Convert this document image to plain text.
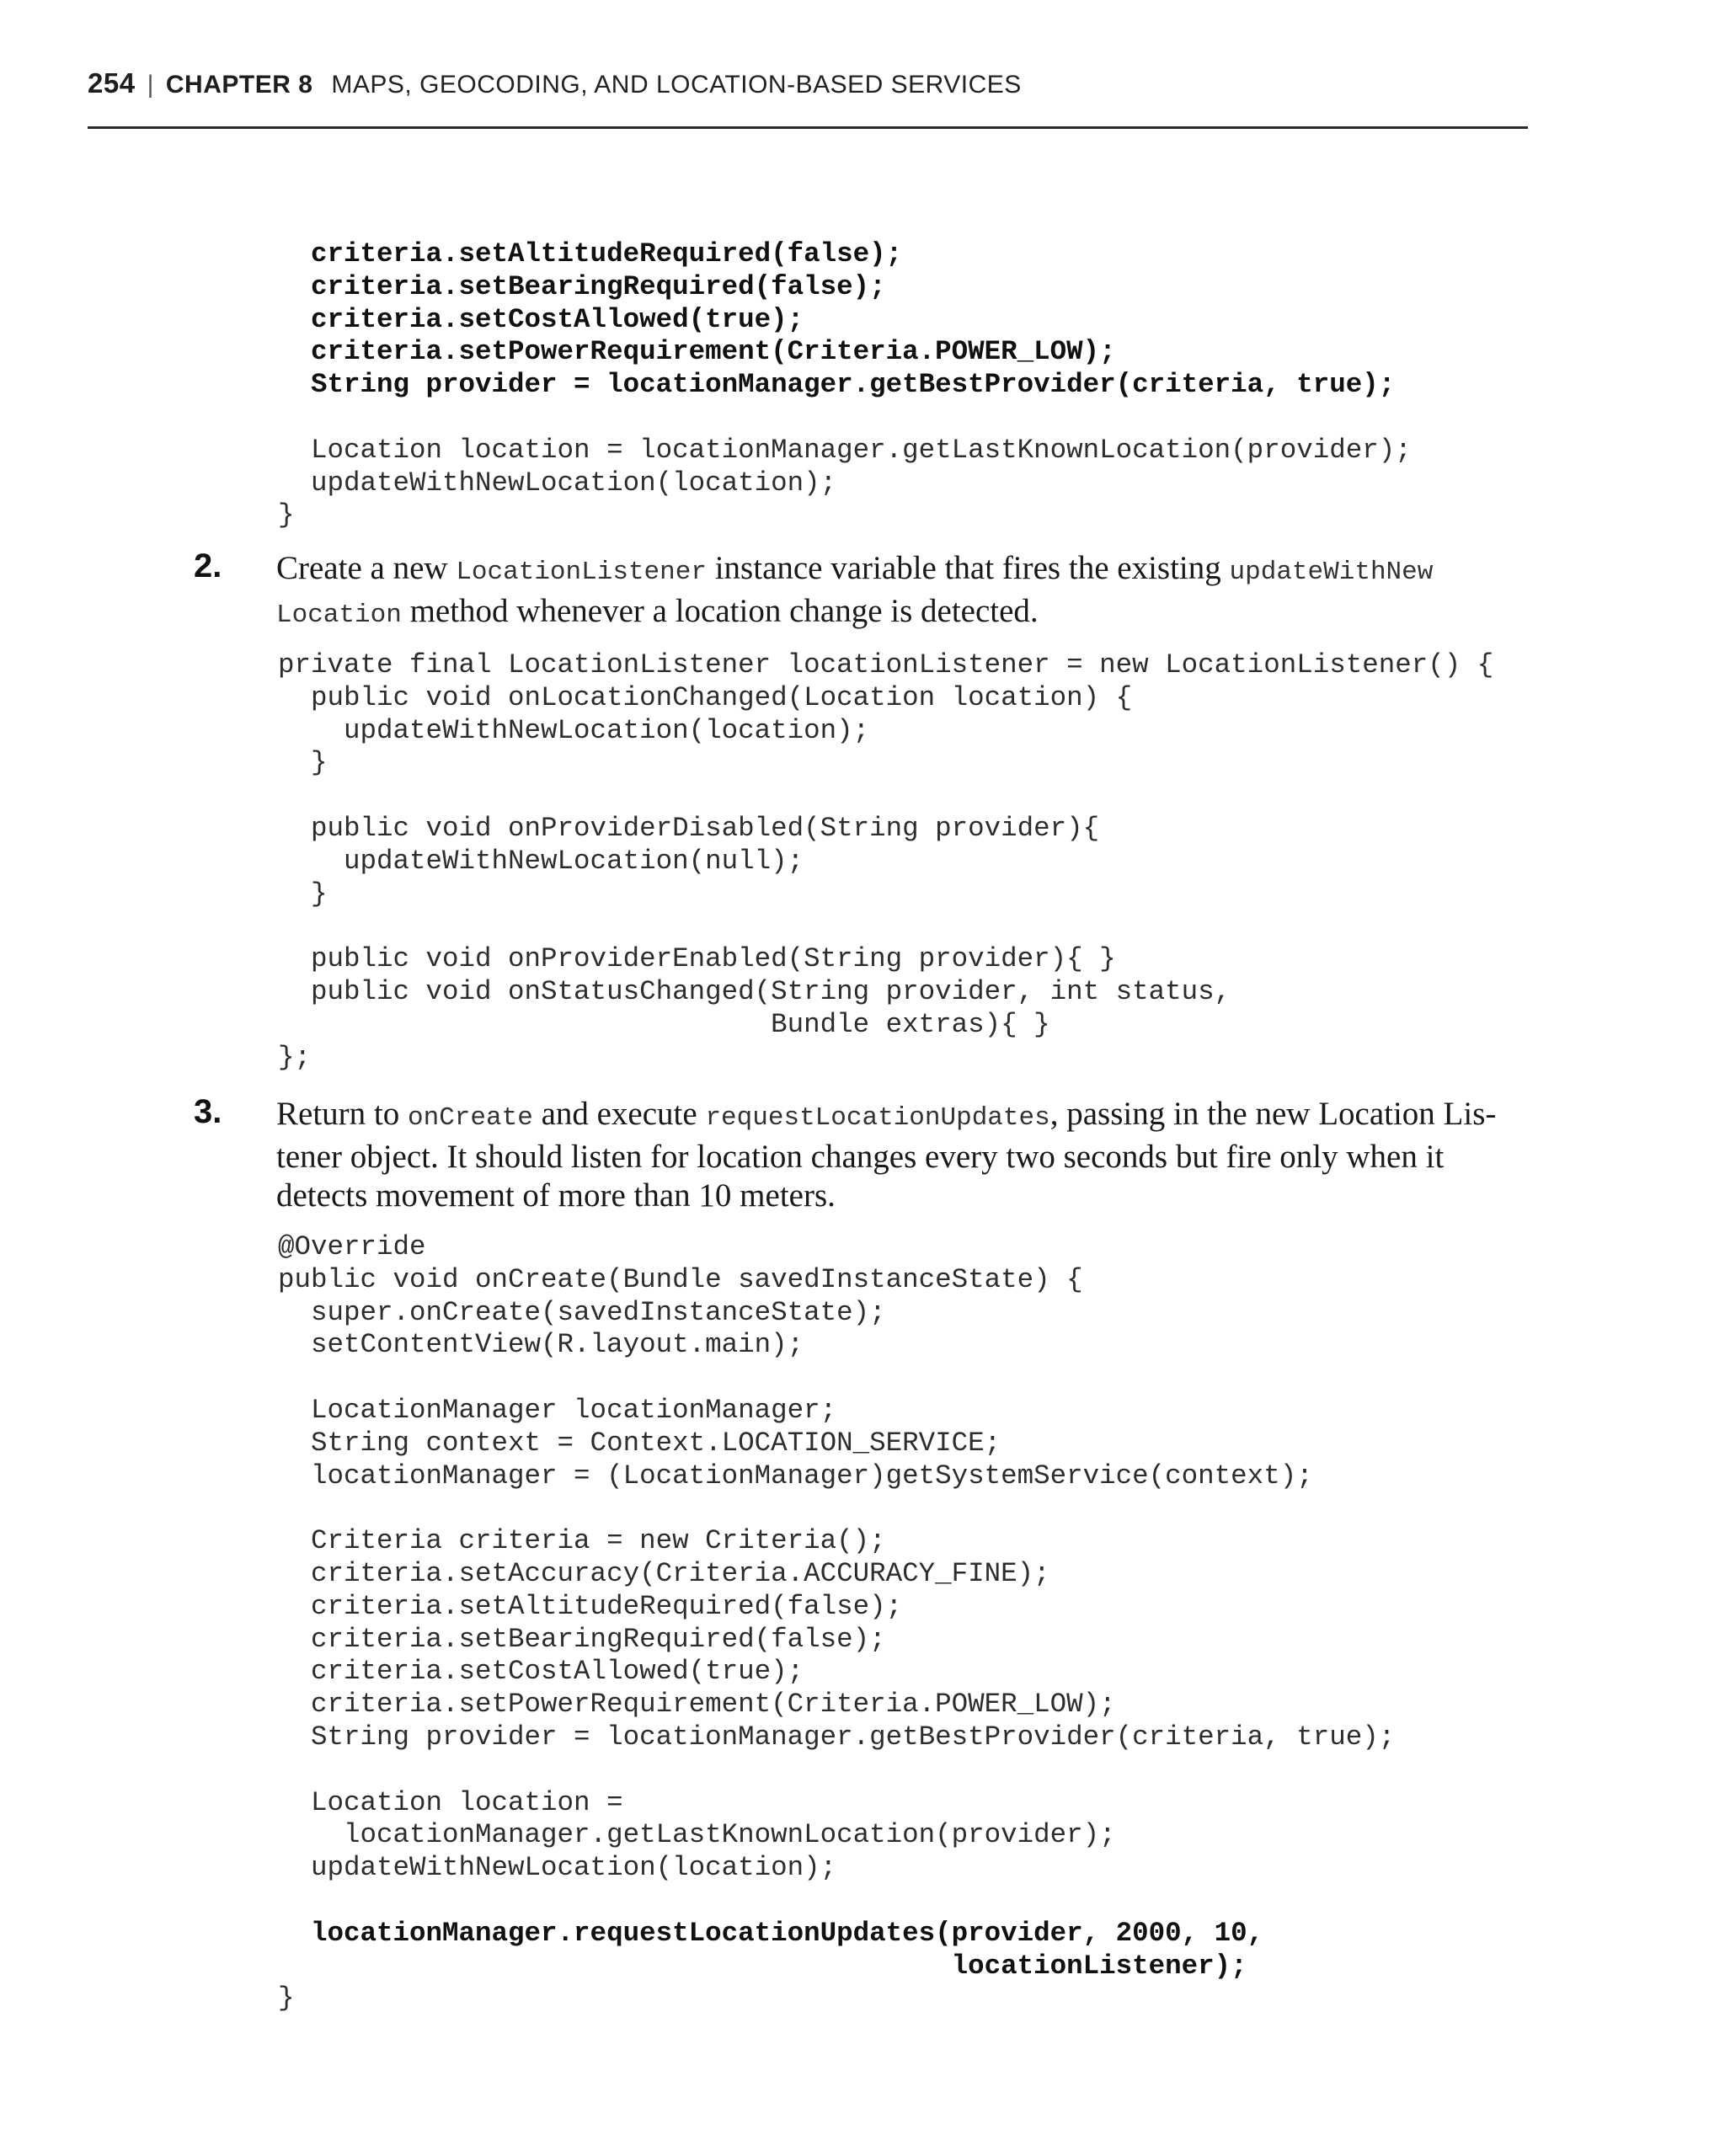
254 | CHAPTER 8 MAPS, GEOCODING, AND LOCATION-BASED SERVICES
criteria.setAltitudeRequired(false);
criteria.setBearingRequired(false);
criteria.setCostAllowed(true);
criteria.setPowerRequirement(Criteria.POWER_LOW);
String provider = locationManager.getBestProvider(criteria, true);

Location location = locationManager.getLastKnownLocation(provider);
updateWithNewLocation(location);
}
2. Create a new LocationListener instance variable that fires the existing updateWithNew
Location method whenever a location change is detected.
private final LocationListener locationListener = new LocationListener() {
public void onLocationChanged(Location location) {
updateWithNewLocation(location);
}

public void onProviderDisabled(String provider){
updateWithNewLocation(null);
}

public void onProviderEnabled(String provider){ }
public void onStatusChanged(String provider, int status,
Bundle extras){ }
};
3. Return to onCreate and execute requestLocationUpdates, passing in the new Location Lis-tener object. It should listen for location changes every two seconds but fire only when it detects movement of more than 10 meters.
@Override
public void onCreate(Bundle savedInstanceState) {
super.onCreate(savedInstanceState);
setContentView(R.layout.main);

LocationManager locationManager;
String context = Context.LOCATION_SERVICE;
locationManager = (LocationManager)getSystemService(context);

Criteria criteria = new Criteria();
criteria.setAccuracy(Criteria.ACCURACY_FINE);
criteria.setAltitudeRequired(false);
criteria.setBearingRequired(false);
criteria.setCostAllowed(true);
criteria.setPowerRequirement(Criteria.POWER_LOW);
String provider = locationManager.getBestProvider(criteria, true);

Location location =
locationManager.getLastKnownLocation(provider);
updateWithNewLocation(location);

locationManager.requestLocationUpdates(provider, 2000, 10,
locationListener);
}
